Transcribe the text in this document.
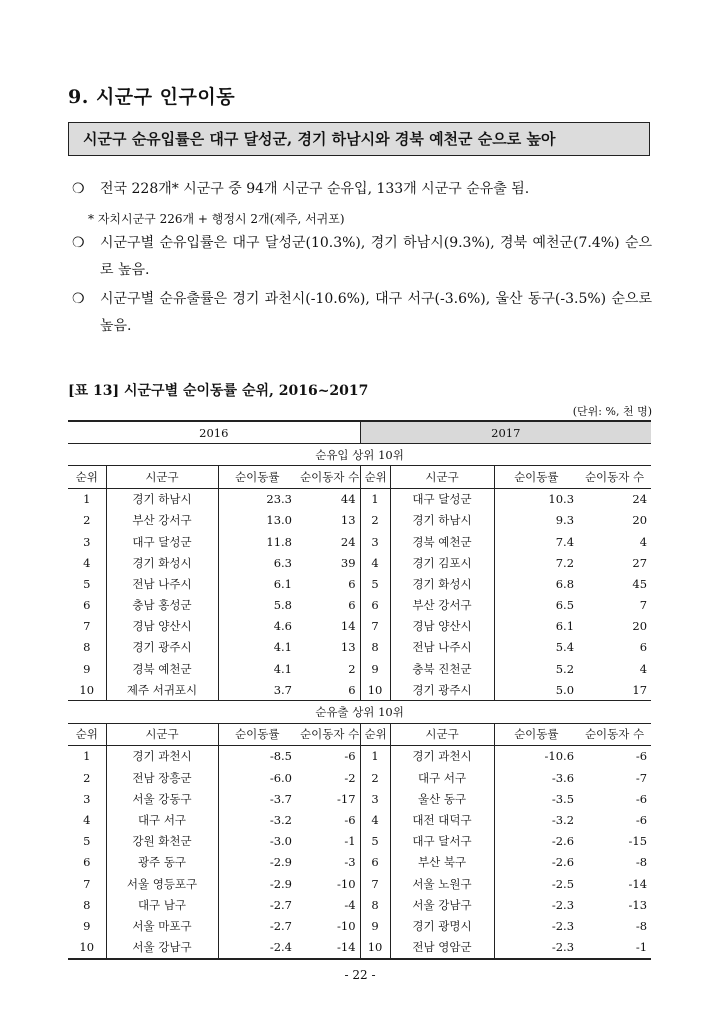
9. 시군구 인구이동
시군구 순유입률은 대구 달성군, 경기 하남시와 경북 예천군 순으로 높아
❍	전국 228개* 시군구 중 94개 시군구 순유입, 133개 시군구 순유출 됨.
* 자치시군구 226개 + 행정시 2개(제주, 서귀포)
❍	시군구별 순유입률은 대구 달성군(10.3%), 경기 하남시(9.3%), 경북 예천군(7.4%) 순으로 높음.
❍	시군구별 순유출률은 경기 과천시(-10.6%), 대구 서구(-3.6%), 울산 동구(-3.5%) 순으로 높음.
[표 13] 시군구별 순이동률 순위, 2016~2017
(단위: %, 천 명)
2016				2017			
순유입 상위 10위							
순위	시군구	순이동률	순이동자 수	순위	시군구	순이동률	순이동자 수
1	경기 하남시	23.3	44	1	대구 달성군	10.3	24
2	부산 강서구	13.0	13	2	경기 하남시	9.3	20
3	대구 달성군	11.8	24	3	경북 예천군	7.4	4
4	경기 화성시	6.3	39	4	경기 김포시	7.2	27
5	전남 나주시	6.1	6	5	경기 화성시	6.8	45
6	충남 홍성군	5.8	6	6	부산 강서구	6.5	7
7	경남 양산시	4.6	14	7	경남 양산시	6.1	20
8	경기 광주시	4.1	13	8	전남 나주시	5.4	6
9	경북 예천군	4.1	2	9	충북 진천군	5.2	4
10	제주 서귀포시	3.7	6	10	경기 광주시	5.0	17
순유출 상위 10위							
순위	시군구	순이동률	순이동자 수	순위	시군구	순이동률	순이동자 수
1	경기 과천시	-8.5	-6	1	경기 과천시	-10.6	-6
2	전남 장흥군	-6.0	-2	2	대구 서구	-3.6	-7
3	서울 강동구	-3.7	-17	3	울산 동구	-3.5	-6
4	대구 서구	-3.2	-6	4	대전 대덕구	-3.2	-6
5	강원 화천군	-3.0	-1	5	대구 달서구	-2.6	-15
6	광주 동구	-2.9	-3	6	부산 북구	-2.6	-8
7	서울 영등포구	-2.9	-10	7	서울 노원구	-2.5	-14
8	대구 남구	-2.7	-4	8	서울 강남구	-2.3	-13
9	서울 마포구	-2.7	-10	9	경기 광명시	-2.3	-8
10	서울 강남구	-2.4	-14	10	전남 영암군	-2.3	-1
- 22 -
